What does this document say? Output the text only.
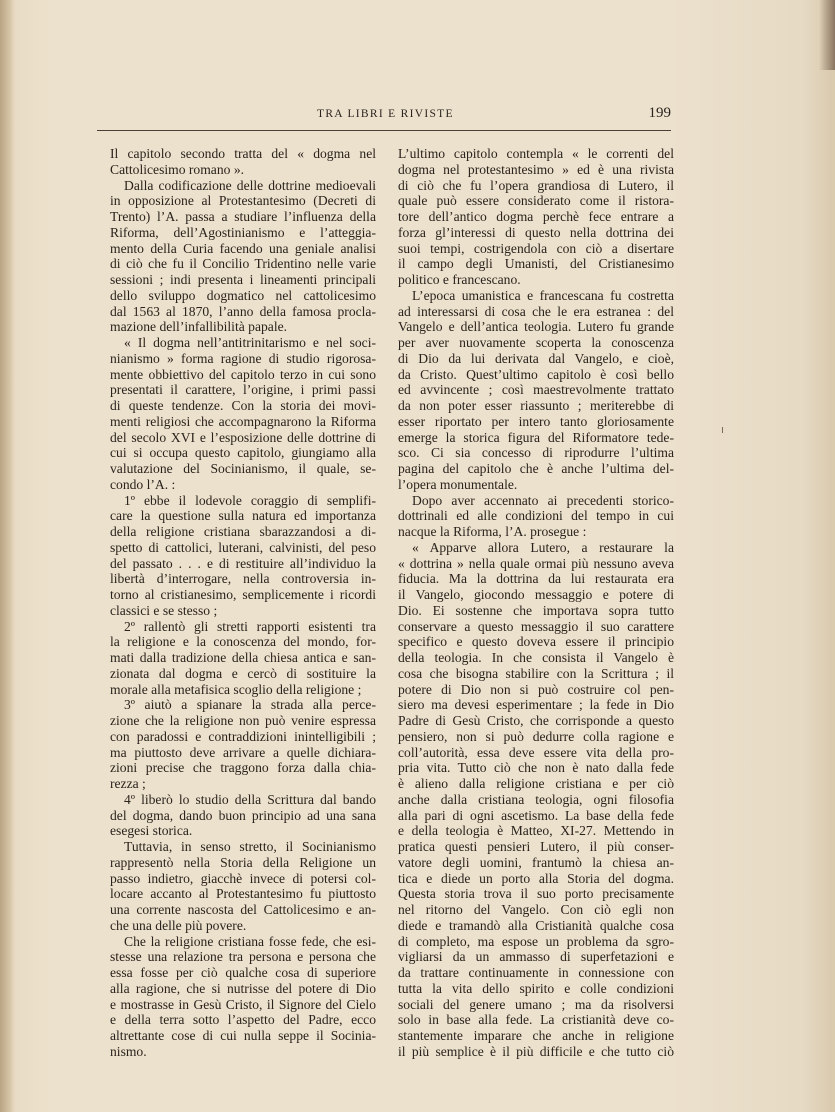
TRA LIBRI E RIVISTE	199
Il capitolo secondo tratta del « dogma nel
Cattolicesimo romano ».
Dalla codificazione delle dottrine medioevali
in opposizione al Protestantesimo (Decreti di
Trento) l’A. passa a studiare l’influenza della
Riforma, dell’Agostinianismo e l’atteggia-
mento della Curia facendo una geniale analisi
di ciò che fu il Concilio Tridentino nelle varie
sessioni ; indi presenta i lineamenti principali
dello sviluppo dogmatico nel cattolicesimo
dal 1563 al 1870, l’anno della famosa procla-
mazione dell’infallibilità papale.
« Il dogma nell’antitrinitarismo e nel soci-
nianismo » forma ragione di studio rigorosa-
mente obbiettivo del capitolo terzo in cui sono
presentati il carattere, l’origine, i primi passi
di queste tendenze. Con la storia dei movi-
menti religiosi che accompagnarono la Riforma
del secolo XVI e l’esposizione delle dottrine di
cui si occupa questo capitolo, giungiamo alla
valutazione del Socinianismo, il quale, se-
condo l’A. :
1º ebbe il lodevole coraggio di semplifi-
care la questione sulla natura ed importanza
della religione cristiana sbarazzandosi a di-
spetto di cattolici, luterani, calvinisti, del peso
del passato . . . e di restituire all’individuo la
libertà d’interrogare, nella controversia in-
torno al cristianesimo, semplicemente i ricordi
classici e se stesso ;
2º rallentò gli stretti rapporti esistenti tra
la religione e la conoscenza del mondo, for-
mati dalla tradizione della chiesa antica e san-
zionata dal dogma e cercò di sostituire la
morale alla metafisica scoglio della religione ;
3º aiutò a spianare la strada alla perce-
zione che la religione non può venire espressa
con paradossi e contraddizioni inintelligibili ;
ma piuttosto deve arrivare a quelle dichiara-
zioni precise che traggono forza dalla chia-
rezza ;
4º liberò lo studio della Scrittura dal bando
del dogma, dando buon principio ad una sana
esegesi storica.
Tuttavia, in senso stretto, il Socinianismo
rappresentò nella Storia della Religione un
passo indietro, giacchè invece di potersi col-
locare accanto al Protestantesimo fu piuttosto
una corrente nascosta del Cattolicesimo e an-
che una delle più povere.
Che la religione cristiana fosse fede, che esi-
stesse una relazione tra persona e persona che
essa fosse per ciò qualche cosa di superiore
alla ragione, che si nutrisse del potere di Dio
e mostrasse in Gesù Cristo, il Signore del Cielo
e della terra sotto l’aspetto del Padre, ecco
altrettante cose di cui nulla seppe il Sociniа-
nismo.
L’ultimo capitolo contempla « le correnti del
dogma nel protestantesimo » ed è una rivista
di ciò che fu l’opera grandiosa di Lutero, il
quale può essere considerato come il ristora-
tore dell’antico dogma perchè fece entrare a
forza gl’interessi di questo nella dottrina dei
suoi tempi, costrigendola con ciò a disertare
il campo degli Umanisti, del Cristianesimo
politico e francescano.
L’epoca umanistica e francescana fu costretta
ad interessarsi di cosa che le era estranea : del
Vangelo e dell’antica teologia. Lutero fu grande
per aver nuovamente scoperta la conoscenza
di Dio da lui derivata dal Vangelo, e cioè,
da Cristo. Quest’ultimo capitolo è così bello
ed avvincente ; così maestrevolmente trattato
da non poter esser riassunto ; meriterebbe di
esser riportato per intero tanto gloriosamente
emerge la storica figura del Riformatore tede-
sco. Ci sia concesso di riprodurre l’ultima
pagina del capitolo che è anche l’ultima del-
l’opera monumentale.
Dopo aver accennato ai precedenti storico-
dottrinali ed alle condizioni del tempo in cui
nacque la Riforma, l’A. prosegue :
« Apparve allora Lutero, a restaurare la
« dottrina » nella quale ormai più nessuno aveva
fiducia. Ma la dottrina da lui restaurata era
il Vangelo, giocondo messaggio e potere di
Dio. Ei sostenne che importava sopra tutto
conservare a questo messaggio il suo carattere
specifico e questo doveva essere il principio
della teologia. In che consista il Vangelo è
cosa che bisogna stabilire con la Scrittura ; il
potere di Dio non si può costruire col pen-
siero ma devesi esperimentare ; la fede in Dio
Padre di Gesù Cristo, che corrisponde a questo
pensiero, non si può dedurre colla ragione e
coll’autorità, essa deve essere vita della pro-
pria vita. Tutto ciò che non è nato dalla fede
è alieno dalla religione cristiana e per ciò
anche dalla cristiana teologia, ogni filosofia
alla pari di ogni ascetismo. La base della fede
e della teologia è Matteo, XI-27. Mettendo in
pratica questi pensieri Lutero, il più conser-
vatore degli uomini, frantumò la chiesa an-
tica e diede un porto alla Storia del dogma.
Questa storia trova il suo porto precisamente
nel ritorno del Vangelo. Con ciò egli non
diede e tramandò alla Cristianità qualche cosa
di completo, ma espose un problema da sgro-
vigliarsi da un ammasso di superfetazioni e
da trattare continuamente in connessione con
tutta la vita dello spirito e colle condizioni
sociali del genere umano ; ma da risolversi
solo in base alla fede. La cristianità deve co-
stantemente imparare che anche in religione
il più semplice è il più difficile e che tutto ciò
